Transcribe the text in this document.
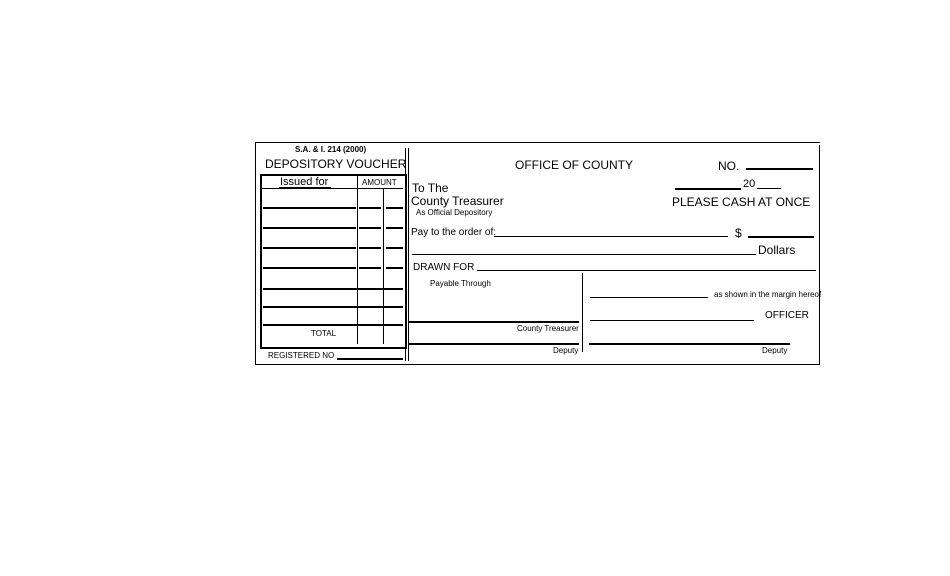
S.A. & I. 214 (2000)
DEPOSITORY VOUCHER
Issued for	AMOUNT
TOTAL
REGISTERED NO
OFFICE OF COUNTY	NO.
20
To The
County Treasurer
As Official Depository
PLEASE CASH AT ONCE
Pay to the order of:	$
Dollars
DRAWN FOR
Payable Through
County Treasurer
Deputy
as shown in the margin hereof
OFFICER
Deputy
